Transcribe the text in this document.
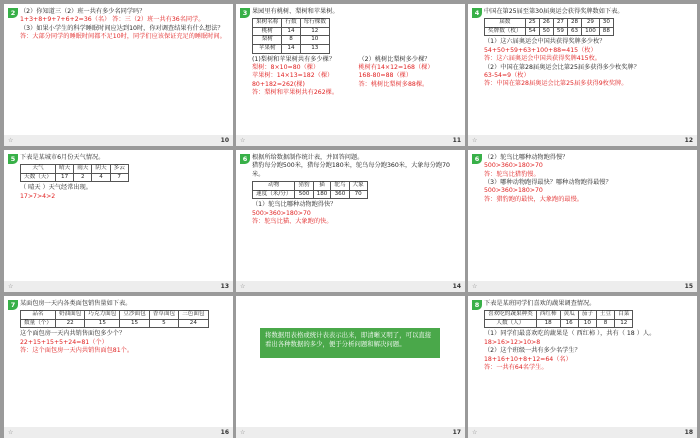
2 （2）你知道三（2）班一共有多少名同学吗？
1+3+8+9+7+6+2=36（名） 答：三（2）班一共有36名同学。
（3）如果小学生的科学睡眠时间应达到10时，你对调查结果有什么想法？
答：大部分同学的睡眠时间都不足10时，同学们应该保证充足的睡眠时间。
☆	10
3 果园里有桃树、梨树和苹果树。
果树名称	行数	每行棵数
桃树	14	12
梨树	8	10
苹果树	14	13
(1)梨树和苹果树共有多少棵？
梨树：8×10=80（棵）
苹果树：14×13=182（棵）
80+182=262(棵)
答：梨树和苹果树共有262棵。
（2）桃树比梨树多少棵？
桃树有14×12=168（棵）
168-80=88（棵）
答：桃树比梨树多88棵。
☆	11
4 中国在第25届至第30届奥运会获得奖牌数如下表。
届数	25	26	27	28	29	30
奖牌数（枚）	54	50	59	63	100	88
（1）这六届奥运会中国共获得奖牌多少枚？
54+50+59+63+100+88=415（枚）
答：这六届奥运会中国共获得奖牌415枚。
（2）中国在第28届奥运会比第25届多获得多少枚奖牌？
63-54=9（枚）
答：中国在第28届奥运会比第25届多获得9枚奖牌。
☆	12
5 下表是某城市6月份天气情况。
天气	晴天	雨天	阴天	多云
天数（天）	17	2	4	7
（ 晴天 ）天气经常出现。
17>7>4>2
☆	13
6 根据所给数据制作统计表，并回答问题。
猎豹每分跑500米，猎每分跑180米，鸵鸟每分跑360米，大象每分跑70米。
动物	猎豹	猫	鸵鸟	大象
速度（米/分）	500	180	360	70
（1）鸵鸟比哪种动物跑得快？
500>360>180>70
答：鸵鸟比猫、大象跑的快。
☆	14
6 （2）鸵鸟比哪种动物跑得慢？
500>360>180>70
答：鸵鸟比猎豹慢。
（3）哪种动物跑得最快？哪种动物跑得最慢？
500>360>180>70
答：猎豹跑的最快，大象跑的最慢。
☆	15
7 某面包房一天内各类面包销售量如下表。
品名	奶油面包	巧克力面包	豆沙面包	香草面包	三色面包
数量（个）	22	15	15	5	24
这个面包房一天内共销售面包多少个？
22+15+15+5+24=81（个）
答：这个面包房一天内共销售面包81个。
☆	16
将数据用表格或统计表表示出来，即清晰又明了，可以直接看出各种数据的多少，便于分析问题和解决问题。
☆	17
8 下表是某班同学们喜欢的蔬果调查情况。
喜欢吃的蔬果种类	西红柿	黄瓜	茄子	土豆	白菜
人数（人）	18	16	10	8	12
（1）同学们最喜欢吃的蔬果是（ 西红柿 ），共有（ 18 ）人。
18>16>12>10>8
（2）这个班级一共有多少名学生？
18+16+10+8+12=64（名）
答：一共有64名学生。
☆	18
